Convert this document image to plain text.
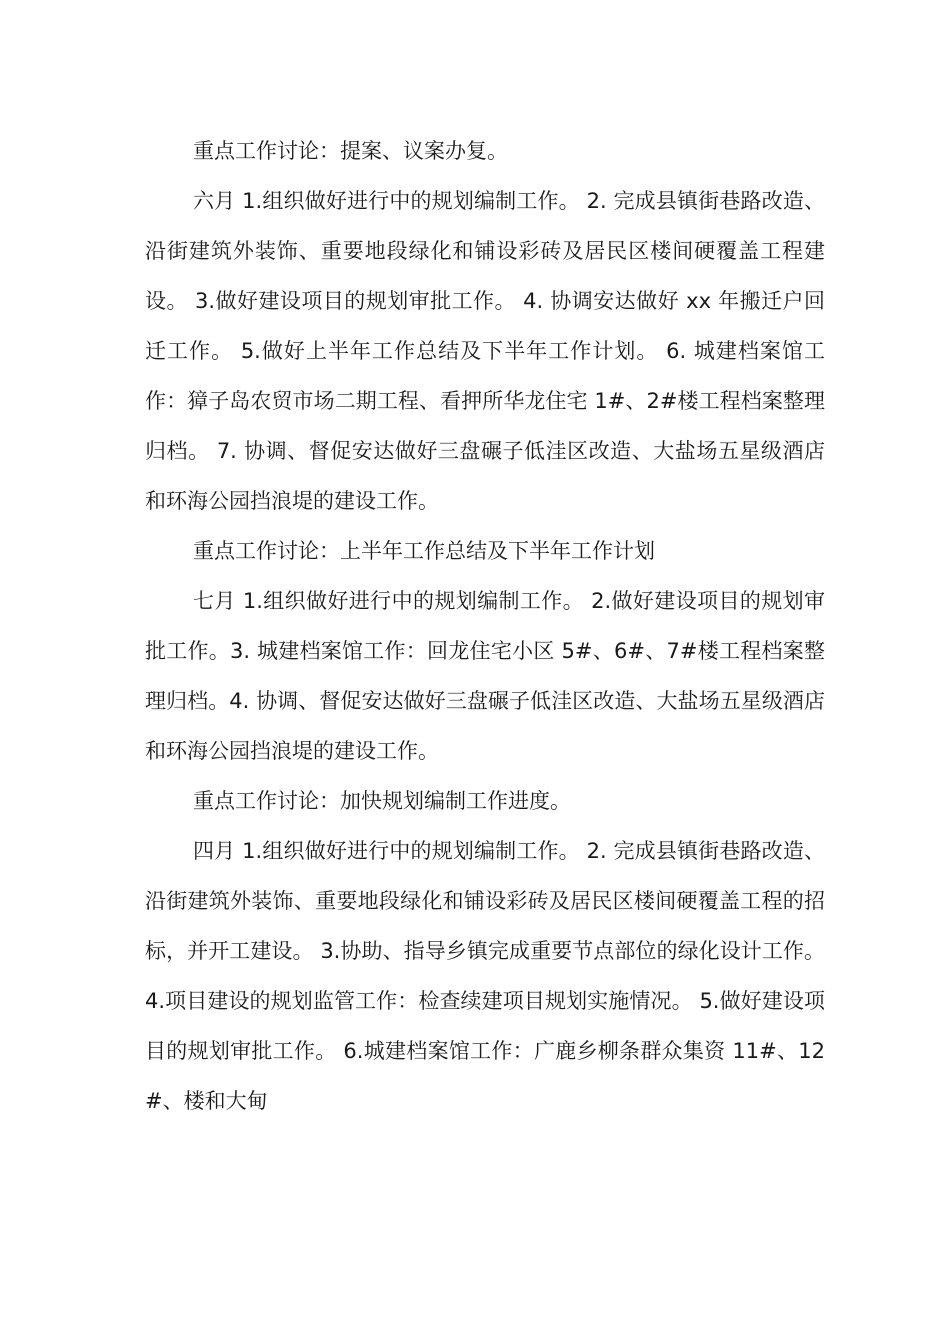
重点工作讨论：提案、议案办复。

六月 1.组织做好进行中的规划编制工作。 2. 完成县镇街巷路改造、沿街建筑外装饰、重要地段绿化和铺设彩砖及居民区楼间硬覆盖工程建设。 3.做好建设项目的规划审批工作。 4. 协调安达做好 xx 年搬迁户回迁工作。 5.做好上半年工作总结及下半年工作计划。 6. 城建档案馆工作：獐子岛农贸市场二期工程、看押所华龙住宅 1#、2#楼工程档案整理归档。 7. 协调、督促安达做好三盘碾子低洼区改造、大盐场五星级酒店和环海公园挡浪堤的建设工作。

重点工作讨论：上半年工作总结及下半年工作计划

七月 1.组织做好进行中的规划编制工作。 2.做好建设项目的规划审批工作。3. 城建档案馆工作：回龙住宅小区 5#、6#、7#楼工程档案整理归档。4. 协调、督促安达做好三盘碾子低洼区改造、大盐场五星级酒店和环海公园挡浪堤的建设工作。

重点工作讨论：加快规划编制工作进度。

四月 1.组织做好进行中的规划编制工作。 2. 完成县镇街巷路改造、沿街建筑外装饰、重要地段绿化和铺设彩砖及居民区楼间硬覆盖工程的招标，并开工建设。 3.协助、指导乡镇完成重要节点部位的绿化设计工作。 4.项目建设的规划监管工作：检查续建项目规划实施情况。 5.做好建设项目的规划审批工作。 6.城建档案馆工作：广鹿乡柳条群众集资 11#、12#、楼和大甸
